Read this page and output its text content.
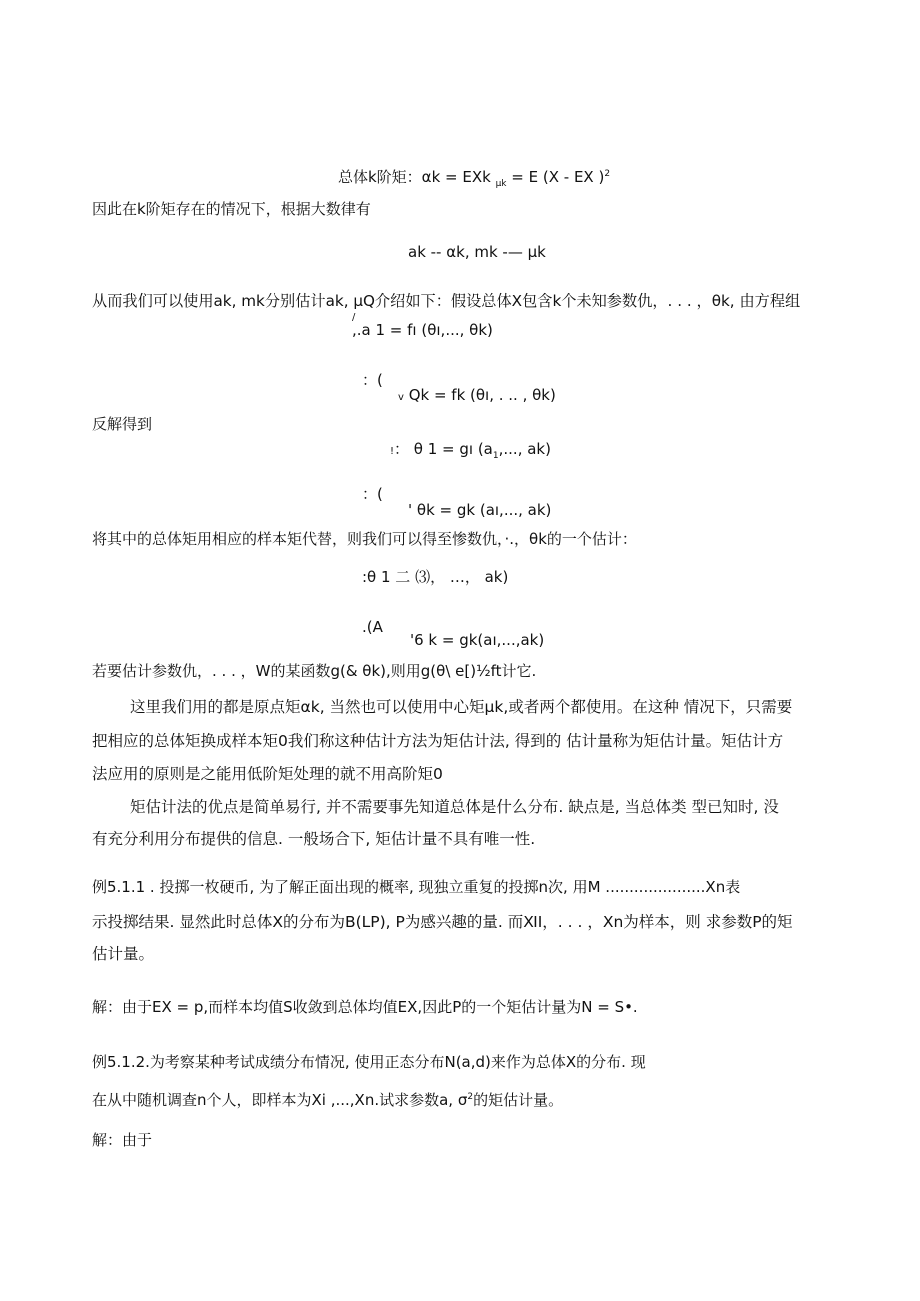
总体k阶矩：αk = EXk $_{\mu k}$ = E (X - EX )$^2$
因此在k阶矩存在的情况下，根据大数律有
ak -- αk, mk -— μk
从而我们可以使用ak, mk分别估计ak, μQ介绍如下：假设总体X包含k个未知参数仇，. . . ，θk, 由方程组
/
,.a 1 = fı (θı,..., θk)
：(
v Qk = fk (θı, . .. , θk)
反解得到
!： θ 1 = gı ($a_1$,..., ak)
：(
' θk = gk (aı,..., ak)
将其中的总体矩用相应的样本矩代替，则我们可以得至惨数仇，·.，θk的一个估计：
:θ 1 二 ⑶， …， ak)
.(A
'6 k = gk(aı,...,ak)
若要估计参数仇，. . . ，W的某函数g(& θk),则用g(θ\ e[)½ft计它.
这里我们用的都是原点矩αk, 当然也可以使用中心矩μk,或者两个都使用。在这种 情况下，只需要
把相应的总体矩换成样本矩0我们称这种估计方法为矩估计法, 得到的 估计量称为矩估计量。矩估计方
法应用的原则是之能用低阶矩处理的就不用高阶矩0
矩估计法的优点是简单易行, 并不需要事先知道总体是什么分布. 缺点是, 当总体类 型已知时, 没
有充分利用分布提供的信息. 一般场合下, 矩估计量不具有唯一性.
例5.1.1 . 投掷一枚硬币, 为了解正面出现的概率, 现独立重复的投掷n次, 用M .....................Xn表
示投掷结果. 显然此时总体X的分布为B(LP), P为感兴趣的量. 而ⅪI，. . . ，Xn为样本，则 求参数P的矩
估计量。
解：由于EX = p,而样本均值S收敛到总体均值EX,因此P的一个矩估计量为N = S•.
例5.1.2.为考察某种考试成绩分布情况, 使用正态分布N(a,d)来作为总体X的分布. 现
在从中随机调查n个人，即样本为Xi ,...,Xn.试求参数a, $\sigma^2$的矩估计量。
解：由于
